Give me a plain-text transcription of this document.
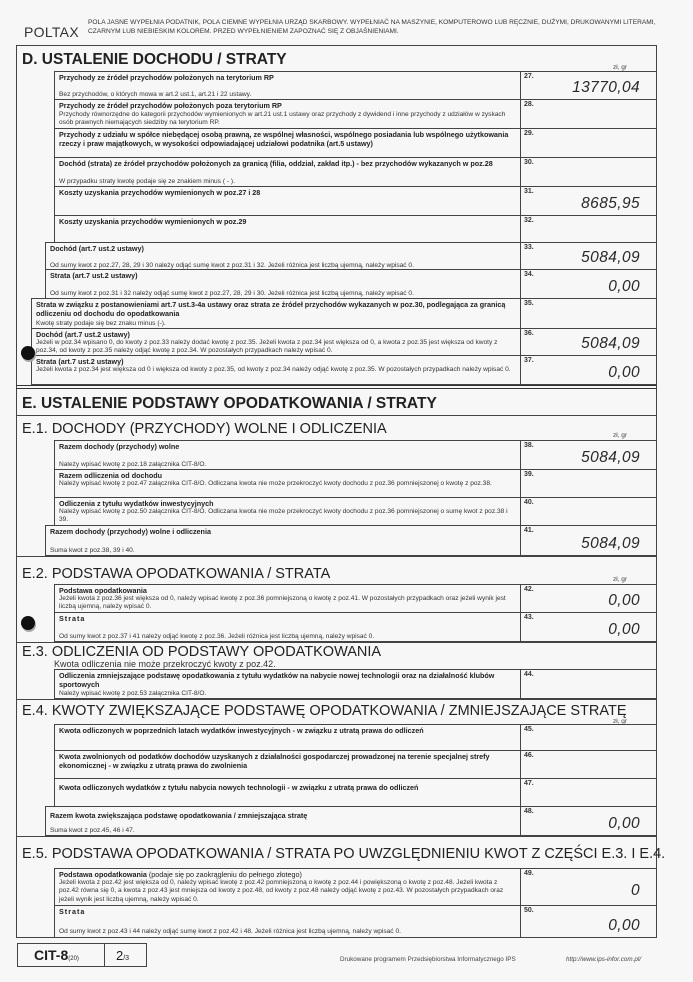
POLTAX
POLA JASNE WYPEŁNIA PODATNIK, POLA CIEMNE WYPEŁNIA URZĄD SKARBOWY. WYPEŁNIAĆ NA MASZYNIE, KOMPUTEROWO LUB RĘCZNIE, DUŻYMI, DRUKOWANYMI LITERAMI, CZARNYM LUB NIEBIESKIM KOLOREM. PRZED WYPEŁNIENIEM ZAPOZNAĆ SIĘ Z OBJAŚNIENIAMI.
D. USTALENIE DOCHODU / STRATY	zł, gr
Przychody ze źródeł przychodów położonych na terytorium RP
Bez przychodów, o których mowa w art.2 ust.1, art.21 i 22 ustawy.
27.
13770,04
Przychody ze źródeł przychodów położonych poza terytorium RP
Przychody równorzędne do kategorii przychodów wymienionych w art.21 ust.1 ustawy oraz przychody z dywidend i inne przychody z udziałów w zyskach osób prawnych niemających siedziby na terytorium RP.
28.
Przychody z udziału w spółce niebędącej osobą prawną, ze wspólnej własności, wspólnego posiadania lub wspólnego użytkowania rzeczy i praw majątkowych, w wysokości odpowiadającej udziałowi podatnika (art.5 ustawy)
29.
Dochód (strata) ze źródeł przychodów położonych za granicą (filia, oddział, zakład itp.) - bez przychodów wykazanych w poz.28
W przypadku straty kwotę podaje się ze znakiem minus ( - ).
30.
Koszty uzyskania przychodów wymienionych w poz.27 i 28	31.
8685,95
Koszty uzyskania przychodów wymienionych w poz.29	32.
Dochód (art.7 ust.2 ustawy)
Od sumy kwot z poz.27, 28, 29 i 30 należy odjąć sumę kwot z poz.31 i 32. Jeżeli różnica jest liczbą ujemną, należy wpisać 0.
33.
5084,09
Strata (art.7 ust.2 ustawy)
Od sumy kwot z poz.31 i 32 należy odjąć sumę kwot z poz.27, 28, 29 i 30. Jeżeli różnica jest liczbą ujemną, należy wpisać 0.
34.
0,00
Strata w związku z postanowieniami art.7 ust.3-4a ustawy oraz strata ze źródeł przychodów wykazanych w poz.30, podlegająca za granicą odliczeniu od dochodu do opodatkowania
Kwotę straty podaje się bez znaku minus (-).
35.
Dochód (art.7 ust.2 ustawy)
Jeżeli w poz.34 wpisano 0, do kwoty z poz.33 należy dodać kwotę z poz.35. Jeżeli kwota z poz.34 jest większa od 0, a kwota z poz.35 jest większa od kwoty z poz.34, od kwoty z poz.35 należy odjąć kwotę z poz.34. W pozostałych przypadkach należy wpisać 0.
36.
5084,09
Strata (art.7 ust.2 ustawy)
Jeżeli kwota z poz.34 jest większa od 0 i większa od kwoty z poz.35, od kwoty z poz.34 należy odjąć kwotę z poz.35. W pozostałych przypadkach należy wpisać 0.
37.
0,00
E. USTALENIE PODSTAWY OPODATKOWANIA / STRATY
E.1. DOCHODY (PRZYCHODY) WOLNE I ODLICZENIA	zł, gr
Razem dochody (przychody) wolne
Należy wpisać kwotę z poz.18 załącznika CIT-8/O.
38.
5084,09
Razem odliczenia od dochodu
Należy wpisać kwotę z poz.47 załącznika CIT-8/O. Odliczana kwota nie może przekroczyć kwoty dochodu z poz.36 pomniejszonej o kwotę z poz.38.
39.
Odliczenia z tytułu wydatków inwestycyjnych
Należy wpisać kwotę z poz.50 załącznika CIT-8/O. Odliczana kwota nie może przekroczyć kwoty dochodu z poz.36 pomniejszonej o sumę kwot z poz.38 i 39.
40.
Razem dochody (przychody) wolne i odliczenia
Suma kwot z poz.38, 39 i 40.
41.
5084,09
E.2. PODSTAWA OPODATKOWANIA / STRATA	zł, gr
Podstawa opodatkowania
Jeżeli kwota z poz.36 jest większa od 0, należy wpisać kwotę z poz.36 pomniejszoną o kwotę z poz.41. W pozostałych przypadkach oraz jeżeli wynik jest liczbą ujemną, należy wpisać 0.
42.
0,00
Strata
Od sumy kwot z poz.37 i 41 należy odjąć kwotę z poz.36. Jeżeli różnica jest liczbą ujemną, należy wpisać 0.
43.
0,00
E.3. ODLICZENIA OD PODSTAWY OPODATKOWANIA
Kwota odliczenia nie może przekroczyć kwoty z poz.42.
Odliczenia zmniejszające podstawę opodatkowania z tytułu wydatków na nabycie nowej technologii oraz na działalność klubów sportowych
Należy wpisać kwotę z poz.53 załącznika CIT-8/O.
44.
E.4. KWOTY ZWIĘKSZAJĄCE PODSTAWĘ OPODATKOWANIA / ZMNIEJSZAJĄCE STRATĘ
zł, gr
Kwota odliczonych w poprzednich latach wydatków inwestycyjnych - w związku z utratą prawa do odliczeń	45.
Kwota zwolnionych od podatków dochodów uzyskanych z działalności gospodarczej prowadzonej na terenie specjalnej strefy ekonomicznej - w związku z utratą prawa do zwolnienia
46.
Kwota odliczonych wydatków z tytułu nabycia nowych technologii - w związku z utratą prawa do odliczeń	47.
Razem kwota zwiększająca podstawę opodatkowania / zmniejszająca stratę
Suma kwot z poz.45, 46 i 47.
48.
0,00
E.5. PODSTAWA OPODATKOWANIA / STRATA PO UWZGLĘDNIENIU KWOT Z CZĘŚCI E.3. I E.4.
Podstawa opodatkowania (podaje się po zaokrągleniu do pełnego złotego)
Jeżeli kwota z poz.42 jest większa od 0, należy wpisać kwotę z poz.42 pomniejszoną o kwotę z poz.44 i powiększoną o kwotę z poz.48. Jeżeli kwota z poz.42 równa się 0, a kwota z poz.43 jest mniejsza od kwoty z poz.48, od kwoty z poz.48 należy odjąć kwotę z poz.43. W pozostałych przypadkach oraz jeżeli wynik jest liczbą ujemną, należy wpisać 0.
49.
0
Strata
Od sumy kwot z poz.43 i 44 należy odjąć sumę kwot z poz.42 i 48. Jeżeli różnica jest liczbą ujemną, należy wpisać 0.
50.
0,00
CIT-8(20)	2/3	Drukowane programem Przedsiębiorstwa Informatycznego IPS	http://www.ips-infor.com.pl/
